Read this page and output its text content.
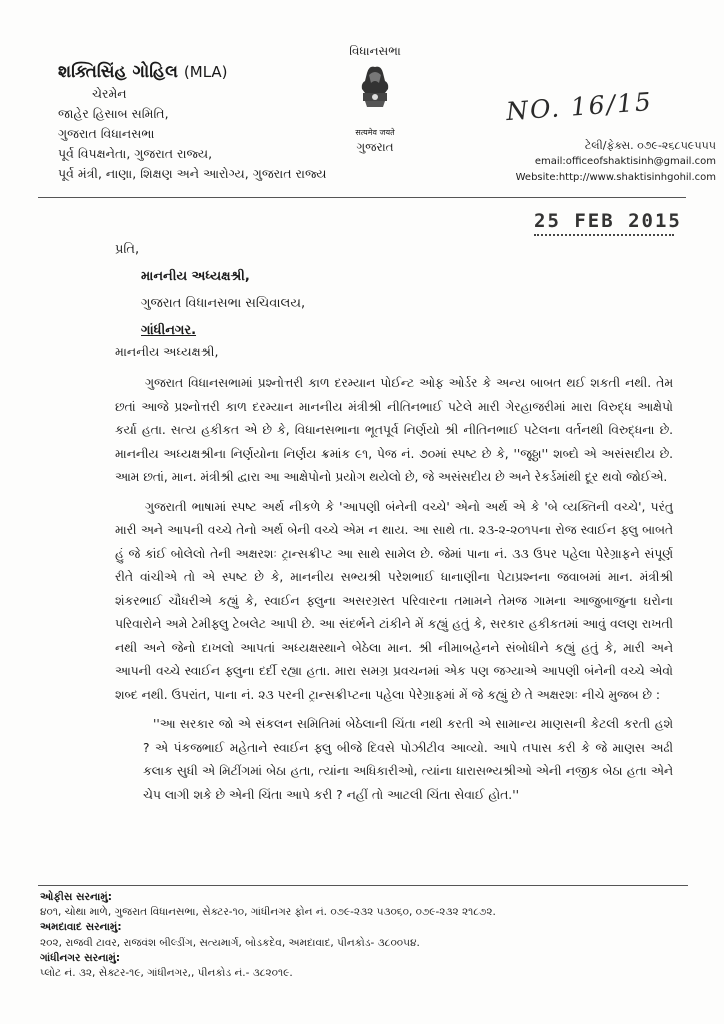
શક્તિસિંહ ગોહિલ (MLA)
ચેરમેન
જાહેર હિસાબ સમિતિ,
ગુજરાત વિધાનસભા
પૂર્વ વિપક્ષનેતા, ગુજરાત રાજ્ય,
પૂર્વ મંત્રી, નાણા, શિક્ષણ અને આરોગ્ય, ગુજરાત રાજ્ય
વિધાનસભા
सत्यमेव जयते
ગુજરાત
NO. 16/15
ટેલી/ફેક્સ. ૦૭૯-૨૬૮૫૯૫૫૫
email:officeofshaktisinh@gmail.com
Website:http://www.shaktisinhgohil.com
25 FEB 2015
પ્રતિ,
માનનીય અધ્યક્ષશ્રી,
ગુજરાત વિધાનસભા સચિવાલય,
ગાંધીનગર.
માનનીય અધ્યક્ષશ્રી,

ગુજરાત વિધાનસભામાં પ્રશ્નોત્તરી કાળ દરમ્યાન પોઈન્ટ ઓફ ઓર્ડર કે અન્ય બાબત થઈ શકતી નથી. તેમ છતાં આજે પ્રશ્નોત્તરી કાળ દરમ્યાન માનનીય મંત્રીશ્રી નીતિનભાઈ પટેલે મારી ગેરહાજરીમાં મારા વિરુદ્ધ આક્ષેપો કર્યા હતા. સત્ય હકીકત એ છે કે, વિધાનસભાના ભૂતપૂર્વ નિર્ણયો શ્રી નીતિનભાઈ પટેલના વર્તનથી વિરુદ્ધના છે. માનનીય અધ્યક્ષશ્રીના નિર્ણયોના નિર્ણય ક્રમાંક ૯૧, પેજ નં. ૭૦માં સ્પષ્ટ છે કે, ''જૂઠ્ઠા'' શબ્દો એ અસંસદીય છે. આમ છતાં, માન. મંત્રીશ્રી દ્વારા આ આક્ષેપોનો પ્રયોગ થયેલો છે, જે અસંસદીય છે અને રેકર્ડમાંથી દૂર થવો જોઈએ.

ગુજરાતી ભાષામાં સ્પષ્ટ અર્થ નીકળે કે 'આપણી બંનેની વચ્ચે' એનો અર્થ એ કે 'બે વ્યક્તિની વચ્ચે', પરંતુ મારી અને આપની વચ્ચે તેનો અર્થ બેની વચ્ચે એમ ન થાય. આ સાથે તા. ૨૩-૨-૨૦૧૫ના રોજ સ્વાઈન ફ્લુ બાબતે હું જે કાંઈ બોલેલો તેની અક્ષરશઃ ટ્રાન્સક્રીપ્ટ આ સાથે સામેલ છે. જેમાં પાના નં. ૩૩ ઉપર પહેલા પેરેગ્રાફને સંપૂર્ણ રીતે વાંચીએ તો એ સ્પષ્ટ છે કે, માનનીય સભ્યશ્રી પરેશભાઈ ધાનાણીના પેટાપ્રશ્નના જવાબમાં માન. મંત્રીશ્રી શંકરભાઈ ચૌધરીએ કહ્યું કે, સ્વાઈન ફ્લુના અસરગ્રસ્ત પરિવારના તમામને તેમજ ગામના આજુબાજુના ઘરોના પરિવારોને અમે ટેમીફ્લુ ટેબલેટ આપી છે. આ સંદર્ભને ટાંકીને મેં કહ્યું હતું કે, સરકાર હકીકતમાં આવું વલણ રાખતી નથી અને જેનો દાખલો આપતાં અધ્યક્ષસ્થાને બેઠેલા માન. શ્રી નીમાબહેનને સંબોધીને કહ્યું હતું કે, મારી અને આપની વચ્ચે સ્વાઈન ફ્લુના દર્દી રહ્યા હતા. મારા સમગ્ર પ્રવચનમાં એક પણ જગ્યાએ આપણી બંનેની વચ્ચે એવો શબ્દ નથી. ઉપરાંત, પાના નં. ૨૩ પરની ટ્રાન્સક્રીપ્ટના પહેલા પેરેગ્રાફમાં મેં જે કહ્યું છે તે અક્ષરશઃ નીચે મુજબ છે :

''આ સરકાર જો એ સંકલન સમિતિમાં બેઠેલાની ચિંતા નથી કરતી એ સામાન્ય માણસની કેટલી કરતી હશે ? એ પંકજભાઈ મહેતાને સ્વાઈન ફ્લુ બીજે દિવસે પોઝીટીવ આવ્યો. આપે તપાસ કરી કે જે માણસ અઢી કલાક સુધી એ મિટીંગમાં બેઠા હતા, ત્યાંના અધિકારીઓ, ત્યાંના ધારાસભ્યશ્રીઓ એની નજીક બેઠા હતા એને ચેપ લાગી શકે છે એની ચિંતા આપે કરી ? નહીં તો આટલી ચિંતા સેવાઈ હોત.''

ઓફીસ સરનામું:
૪૦૧, ચોથા માળે, ગુજરાત વિધાનસભા, સેક્ટર-૧૦, ગાંધીનગર ફોન નં. ૦૭૯-૨૩૨ ૫૩૦૬૦, ૦૭૯-૨૩૨ ૨૧૮૭૨.
અમદાવાદ સરનામું:
૨૦૨, રાજવી ટાવર, રાજવંશ બીલ્ડીંગ, સત્યમાર્ગ, બોડકદેવ, અમદાવાદ, પીનકોડ- ૩૮૦૦૫૪.
ગાંધીનગર સરનામું:
પ્લોટ નં. ૩૨, સેક્ટર-૧૯, ગાંધીનગર,, પીનકોડ નં.- ૩૮૨૦૧૯.
